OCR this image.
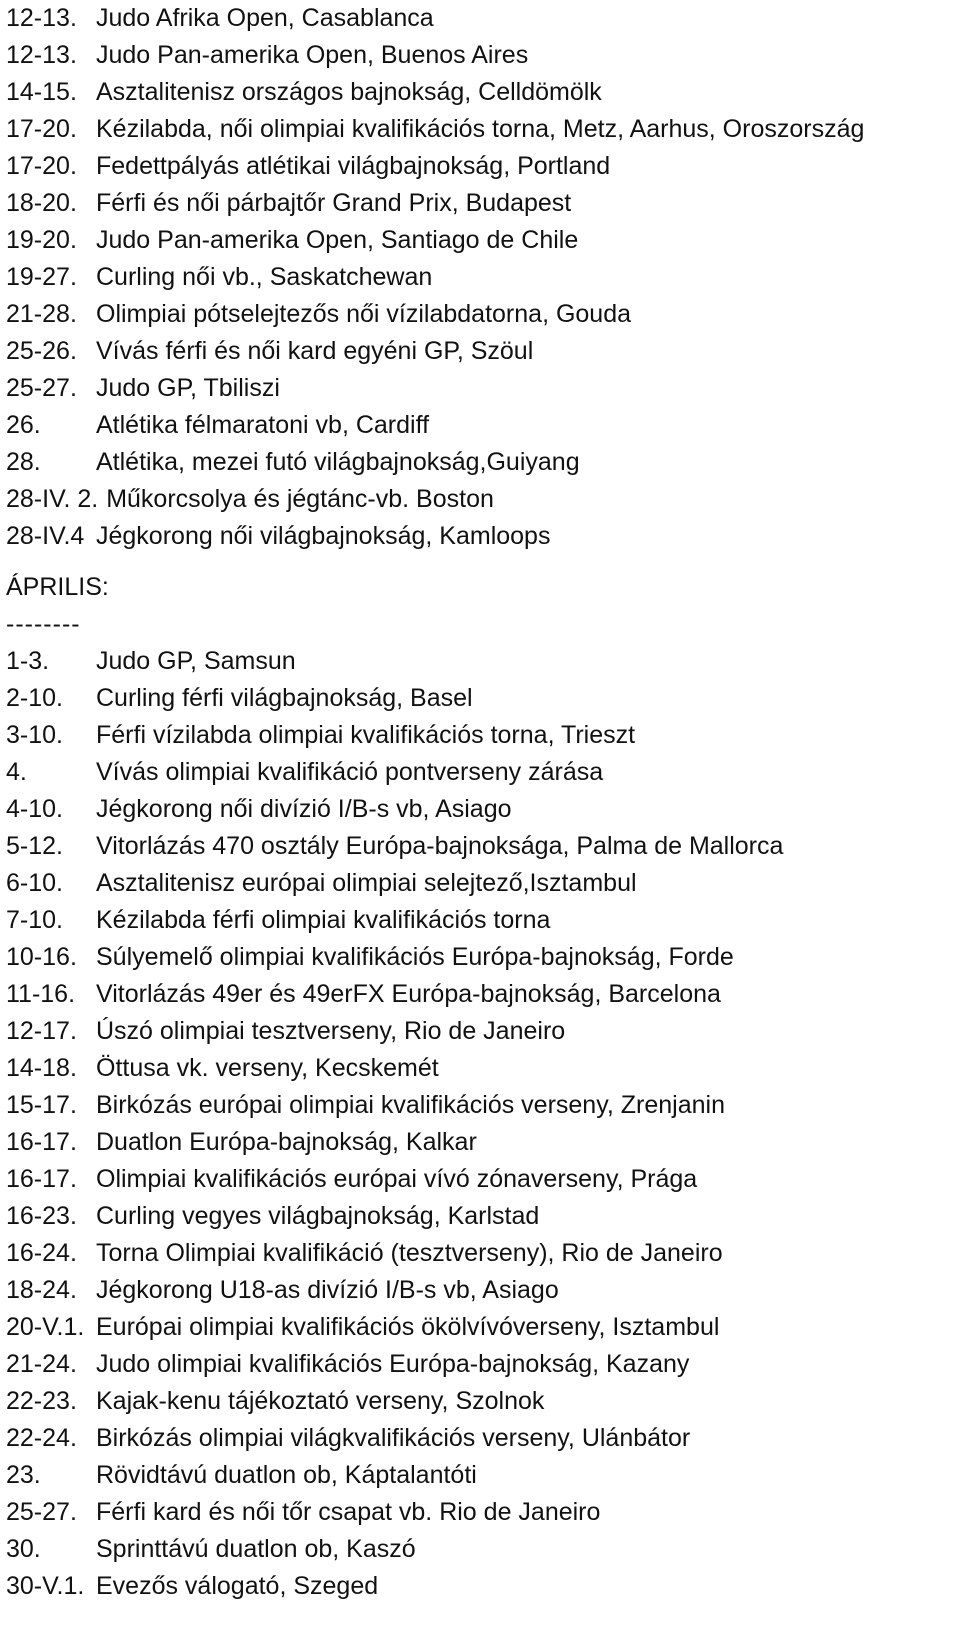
12-13. Judo Afrika Open, Casablanca
12-13. Judo Pan-amerika Open, Buenos Aires
14-15. Asztalitenisz országos bajnokság, Celldömölk
17-20. Kézilabda, női olimpiai kvalifikációs torna, Metz, Aarhus, Oroszország
17-20. Fedettpályás atlétikai világbajnokság, Portland
18-20. Férfi és női párbajtőr Grand Prix, Budapest
19-20. Judo Pan-amerika Open, Santiago de Chile
19-27. Curling női vb., Saskatchewan
21-28. Olimpiai pótselejtezős női vízilabdatorna, Gouda
25-26. Vívás férfi és női kard egyéni GP, Szöul
25-27. Judo GP, Tbiliszi
26.	Atlétika félmaratoni vb, Cardiff
28.	Atlétika, mezei futó világbajnokság,Guiyang
28-IV. 2. Műkorcsolya és jégtánc-vb. Boston
28-IV.4 Jégkorong női világbajnokság, Kamloops
ÁPRILIS:
--------
1-3.	Judo GP, Samsun
2-10.	Curling férfi világbajnokság, Basel
3-10.	Férfi vízilabda olimpiai kvalifikációs torna, Trieszt
4.	Vívás olimpiai kvalifikáció pontverseny zárása
4-10.	Jégkorong női divízió I/B-s vb, Asiago
5-12.	Vitorlázás 470 osztály Európa-bajnoksága, Palma de Mallorca
6-10.	Asztalitenisz európai olimpiai selejtező,Isztambul
7-10.	Kézilabda férfi olimpiai kvalifikációs torna
10-16. Súlyemelő olimpiai kvalifikációs Európa-bajnokság, Forde
11-16. Vitorlázás 49er és 49erFX Európa-bajnokság, Barcelona
12-17. Úszó olimpiai tesztverseny, Rio de Janeiro
14-18. Öttusa vk. verseny, Kecskemét
15-17. Birkózás európai olimpiai kvalifikációs verseny, Zrenjanin
16-17. Duatlon Európa-bajnokság, Kalkar
16-17. Olimpiai kvalifikációs európai vívó zónaverseny, Prága
16-23. Curling vegyes világbajnokság, Karlstad
16-24. Torna Olimpiai kvalifikáció (tesztverseny), Rio de Janeiro
18-24. Jégkorong U18-as divízió I/B-s vb, Asiago
20-V.1. Európai olimpiai kvalifikációs ökölvívóverseny, Isztambul
21-24. Judo olimpiai kvalifikációs Európa-bajnokság, Kazany
22-23. Kajak-kenu tájékoztató verseny, Szolnok
22-24. Birkózás olimpiai világkvalifikációs verseny, Ulánbátor
23.	Rövidtávú duatlon ob, Káptalantóti
25-27. Férfi kard és női tőr csapat vb. Rio de Janeiro
30.	Sprinttávú duatlon ob, Kaszó
30-V.1. Evezős válogató, Szeged
